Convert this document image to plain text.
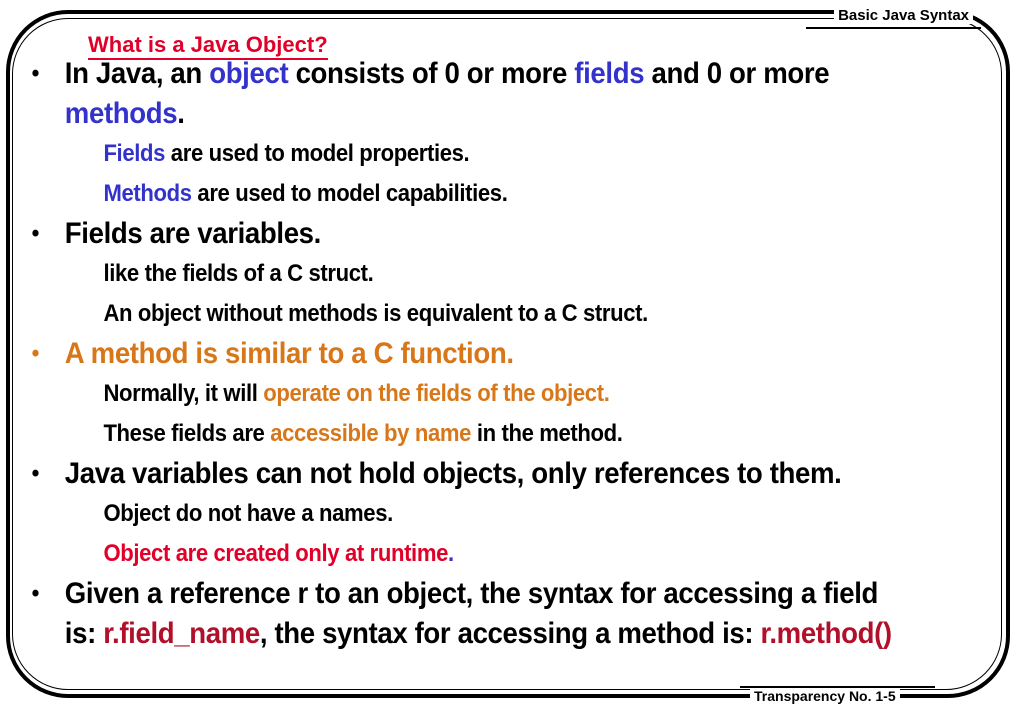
Basic Java Syntax
What is a Java Object?
• In Java, an object consists of 0 or more fields and 0 or more
methods.
Fields are used to model properties.
Methods are used to model capabilities.
• Fields are variables.
like the fields of a C struct.
An object without methods is equivalent to a C struct.
• A method is similar to a C function.
Normally, it will operate on the fields of the object.
These fields are accessible by name in the method.
• Java variables can not hold objects, only references to them.
Object do not have a names.
Object are created only at runtime.
• Given a reference r to an object, the syntax for accessing a field
is: r.field_name, the syntax for accessing a method is: r.method()
Transparency No. 1-5
